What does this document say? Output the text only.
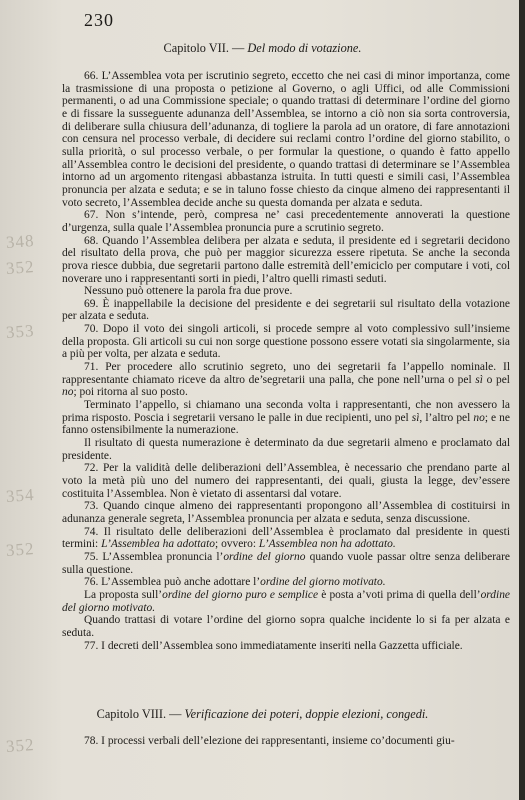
230
Capitolo VII. — Del modo di votazione.

66. L’Assemblea vota per iscrutinio segreto, eccetto che nei casi di minor importanza, come la trasmissione di una proposta o petizione al Governo, o agli Uffici, od alle Commissioni permanenti, o ad una Commissione speciale; o quando trattasi di determinare l’ordine del giorno e di fissare la susseguente adunanza dell’Assemblea, se intorno a ciò non sia sorta controversia, di deliberare sulla chiusura dell’adunanza, di togliere la parola ad un oratore, di fare annotazioni con censura nel processo verbale, di decidere sui reclami contro l’ordine del giorno stabilito, o sulla priorità, o sul processo verbale, o per formular la questione, o quando è fatto appello all’Assemblea contro le decisioni del presidente, o quando trattasi di determinare se l’Assemblea intorno ad un argomento ritengasi abbastanza istruita. In tutti questi e simili casi, l’Assemblea pronuncia per alzata e seduta; e se in taluno fosse chiesto da cinque almeno dei rappresentanti il voto secreto, l’Assemblea decide anche su questa domanda per alzata e seduta.

67. Non s’intende, però, compresa ne’ casi precedentemente annoverati la questione d’urgenza, sulla quale l’Assemblea pronuncia pure a scrutinio segreto.

68. Quando l’Assemblea delibera per alzata e seduta, il presidente ed i segretarii decidono del risultato della prova, che può per maggior sicurezza essere ripetuta. Se anche la seconda prova riesce dubbia, due segretarii partono dalle estremità dell’emiciclo per computare i voti, col noverare uno i rappresentanti sorti in piedi, l’altro quelli rimasti seduti.

Nessuno può ottenere la parola fra due prove.

69. È inappellabile la decisione del presidente e dei segretarii sul risultato della votazione per alzata e seduta.

70. Dopo il voto dei singoli articoli, si procede sempre al voto complessivo sull’insieme della proposta. Gli articoli su cui non sorge questione possono essere votati sia singolarmente, sia a più per volta, per alzata e seduta.

71. Per procedere allo scrutinio segreto, uno dei segretarii fa l’appello nominale. Il rappresentante chiamato riceve da altro de’segretarii una palla, che pone nell’urna o pel sì o pel no; poi ritorna al suo posto.

Terminato l’appello, si chiamano una seconda volta i rappresentanti, che non avessero la prima risposto. Poscia i segretarii versano le palle in due recipienti, uno pel sì, l’altro pel no; e ne fanno ostensibilmente la numerazione.

Il risultato di questa numerazione è determinato da due segretarii almeno e proclamato dal presidente.

72. Per la validità delle deliberazioni dell’Assemblea, è necessario che prendano parte al voto la metà più uno del numero dei rappresentanti, dei quali, giusta la legge, dev’essere costituita l’Assemblea. Non è vietato di assentarsi dal votare.

73. Quando cinque almeno dei rappresentanti propongono all’Assemblea di costituirsi in adunanza generale segreta, l’Assemblea pronuncia per alzata e seduta, senza discussione.

74. Il risultato delle deliberazioni dell’Assemblea è proclamato dal presidente in questi termini: L’Assemblea ha adottato; ovvero: L’Assemblea non ha adottato.

75. L’Assemblea pronuncia l’ordine del giorno quando vuole passar oltre senza deliberare sulla questione.

76. L’Assemblea può anche adottare l’ordine del giorno motivato.

La proposta sull’ordine del giorno puro e semplice è posta a’voti prima di quella dell’ordine del giorno motivato.

Quando trattasi di votare l’ordine del giorno sopra qualche incidente lo si fa per alzata e seduta.

77. I decreti dell’Assemblea sono immediatamente inseriti nella Gazzetta ufficiale.

Capitolo VIII. — Verificazione dei poteri, doppie elezioni, congedi.

78. I processi verbali dell’elezione dei rappresentanti, insieme co’documenti giu-

348
352
353
354
352
352
